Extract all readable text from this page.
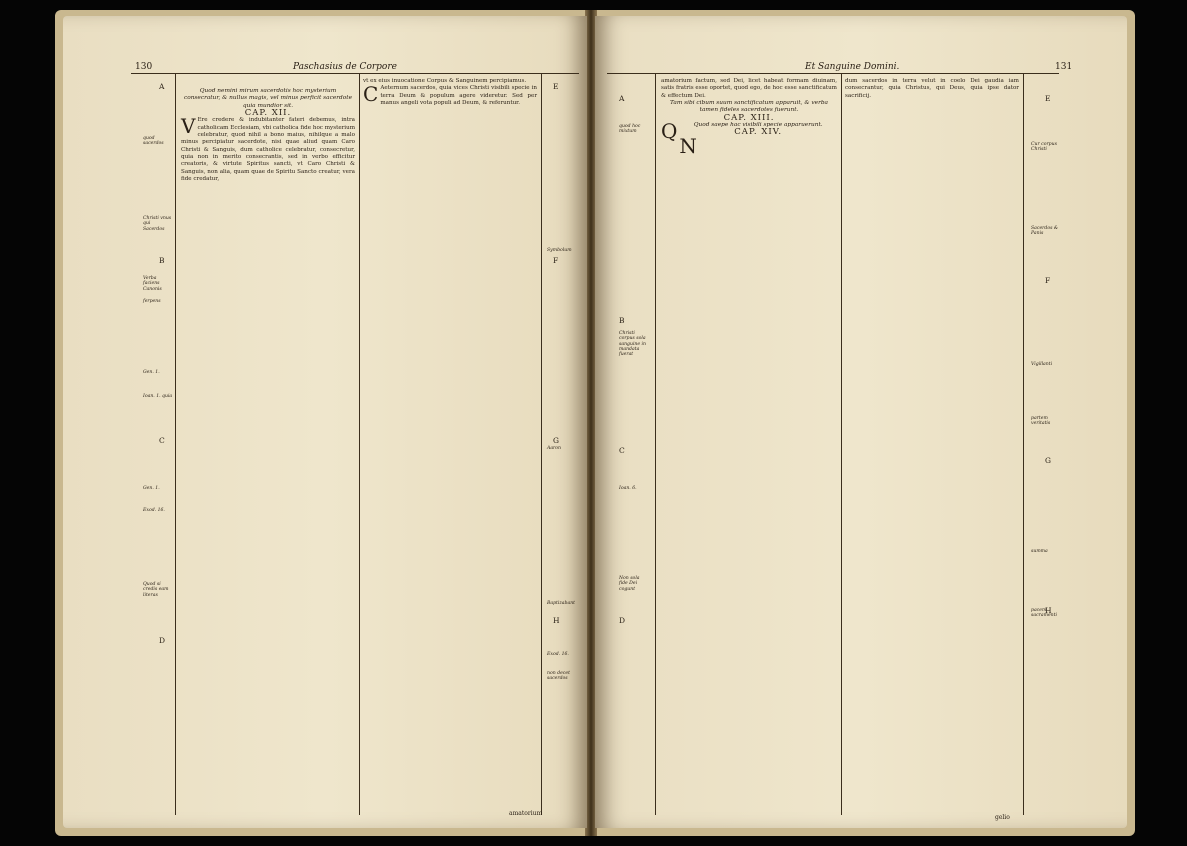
130	Paschasius de Corpore
A
B
C
D
quod sacerdos
Christi vnus qui Sacerdos
Verba faciens Canonis
ferpens
Gen. 1.
Ioan. 1. quia
Gen. 1.
Exod. 16.
Quod si credis eam literas
E
F
G
H
Symbolum
Aaron
Baptizabant
Exod. 16.
non decet sacerdos

Quod nemini mirum sacerdotis hoc mysterium consecratur, & nullus magis, vel minus perficit sacerdote quia mundior sit.

CAP. XII.

V Ere credere & indubitanter fateri debemus, intra catholicam Ecclesiam, vbi catholica fide hoc mysterium celebratur, quod nihil a bono maius, nihilque a malo minus percipiatur sacerdote, nisi quae aliud quam Caro Christi & Sanguis, dum catholice celebratur, consecretur, quia non in merito consecrantis, sed in verbo efficitur creatoris, & virtute Spiritus sancti, vt Caro Christi & Sanguis, non alia, quam quae de Spiritu Sancto creatur, vera fide credatur,

vt ex eius inuocatione Corpus & Sanguinem percipiamus.

C Aeternum sacerdos, quia vices Christi visibili specie in terra Deum & populum agere videretur. Sed per manus angeli vota populi ad Deum, & referuntur.

amatorium
Et Sanguine Domini.	131
A
B
C
D
quod hoc mixtum
Christi corpus sola sanguine in mandata fuerat
Ioan. 6.
Non sola fide Dei cogunt
E
F
G
H
Cur corpus Christi
Sacerdos & Panis
Vigillanti
partem veritatis
summa
pacem sacramenti

amatorium factum, sed Dei, licet habeat formam diuinam, satis fratris esse oportet, quod ego, de hoc esse sanctificatum & effectum Dei.

Tam sibi cibum suum sanctificatum apparuit, & verba tamen fideles sacerdotes fuerunt.

CAP. XIII.

Q	Quod saepe hac visibili specie apparuerunt.

CAP. XIV.

N

dum sacerdos in terra velut in coelo Dei gaudia iam consecrantur, quia Christus, qui Deus, quia ipse dator sacrificij.

gelio
